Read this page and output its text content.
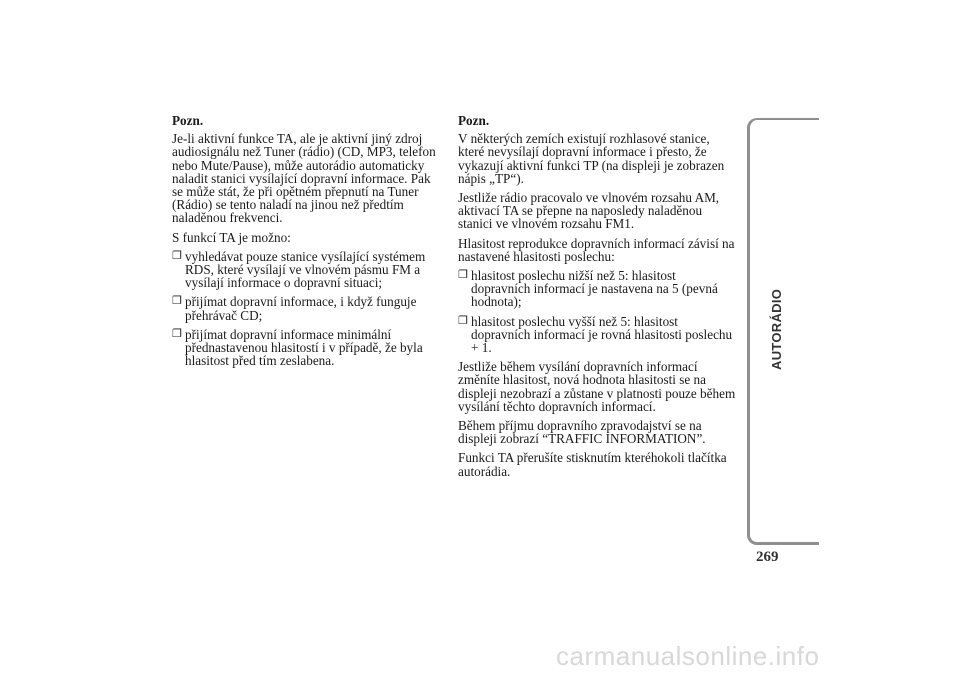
Pozn.

Je-li aktivní funkce TA, ale je aktivní jiný zdroj audiosignálu než Tuner (rádio) (CD, MP3, telefon nebo Mute/Pause), může autorádio automaticky naladit stanici vysílající dopravní informace. Pak se může stát, že při opětném přepnutí na Tuner (Rádio) se tento naladí na jinou než předtím naladěnou frekvenci.

S funkcí TA je možno:

❐ vyhledávat pouze stanice vysílající systémem RDS, které vysílají ve vlnovém pásmu FM a vysílají informace o dopravní situaci;
❐ přijímat dopravní informace, i když funguje přehrávač CD;
❐ přijímat dopravní informace minimální přednastavenou hlasitostí i v případě, že byla hlasitost před tím zeslabena.

Pozn.

V některých zemích existují rozhlasové stanice, které nevysílají dopravní informace i přesto, že vykazují aktivní funkci TP (na displeji je zobrazen nápis „TP“).

Jestliže rádio pracovalo ve vlnovém rozsahu AM, aktivací TA se přepne na naposledy naladěnou stanici ve vlnovém rozsahu FM1.

Hlasitost reprodukce dopravních informací závisí na nastavené hlasitosti poslechu:

❐ hlasitost poslechu nižší než 5: hlasitost dopravních informací je nastavena na 5 (pevná hodnota);
❐ hlasitost poslechu vyšší než 5: hlasitost dopravních informací je rovná hlasitosti poslechu + 1.

Jestliže během vysílání dopravních informací změníte hlasitost, nová hodnota hlasitosti se na displeji nezobrazí a zůstane v platnosti pouze během vysílání těchto dopravních informací.

Během příjmu dopravního zpravodajství se na displeji zobrazí “TRAFFIC INFORMATION”.

Funkci TA přerušíte stisknutím kteréhokoli tlačítka autorádia.

AUTORÁDIO
269
carmanualsonline.info
